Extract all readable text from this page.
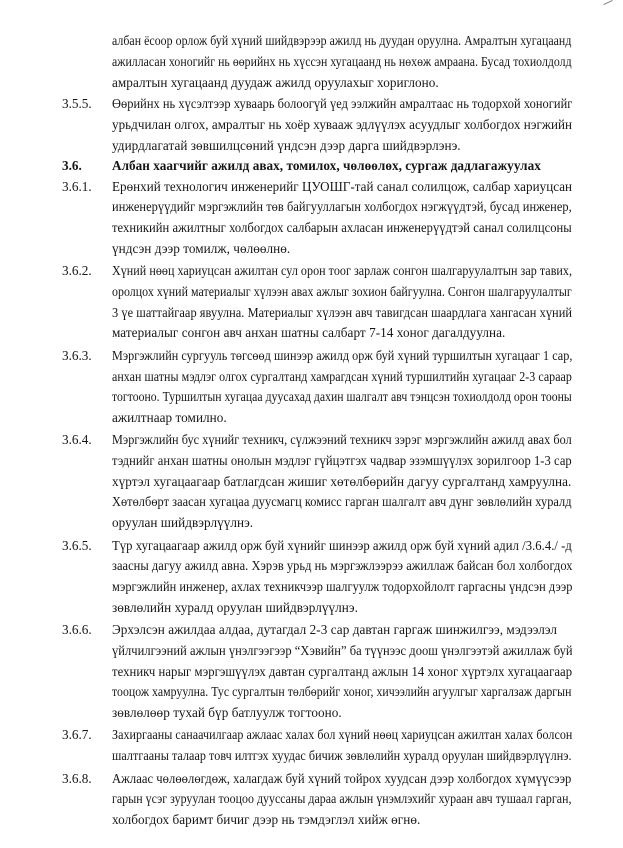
албан ёсоор орлож буй хүний шийдвэрээр ажилд нь дуудан оруулна. Амралтын хугацаанд
ажилласан хоногийг нь өөрийнх нь хүссэн хугацаанд нь нөхөж амраана. Бусад тохиолдолд
амралтын хугацаанд дуудаж ажилд оруулахыг хориглоно.
3.5.5. Өөрийнх нь хүсэлтээр хуваарь болоогүй үед ээлжийн амралтаас нь тодорхой хоногийг
урьдчилан олгох, амралтыг нь хоёр хувааж эдлүүлэх асуудлыг холбогдох нэгжийн
удирдлагатай зөвшилцсөний үндсэн дээр дарга шийдвэрлэнэ.
3.6. Албан хаагчийг ажилд авах, томилох, чөлөөлөх, сургаж дадлагажуулах
3.6.1. Ерөнхий технологич инженерийг ЦУОШГ-тай санал солилцож, салбар хариуцсан
инженерүүдийг мэргэжлийн төв байгууллагын холбогдох нэгжүүдтэй, бусад инженер,
техникийн ажилтныг холбогдох салбарын ахласан инженерүүдтэй санал солилцсоны
үндсэн дээр томилж, чөлөөлнө.
3.6.2. Хүний нөөц хариуцсан ажилтан сул орон тоог зарлаж сонгон шалгаруулалтын зар тавих,
оролцох хүний материалыг хүлээн авах ажлыг зохион байгуулна. Сонгон шалгаруулалтыг
3 үе шаттайгаар явуулна. Материалыг хүлээн авч тавигдсан шаардлага хангасан хүний
материалыг сонгон авч анхан шатны салбарт 7-14 хоног дагалдуулна.
3.6.3. Мэргэжлийн сургууль төгсөөд шинээр ажилд орж буй хүний туршилтын хугацааг 1 сар,
анхан шатны мэдлэг олгох сургалтанд хамрагдсан хүний туршилтийн хугацааг 2-3 сараар
тогтооно. Туршилтын хугацаа дуусахад дахин шалгалт авч тэнцсэн тохиолдолд орон тооны
ажилтнаар томилно.
3.6.4. Мэргэжлийн бус хүнийг техникч, сүлжээний техникч зэрэг мэргэжлийн ажилд авах бол
тэднийг анхан шатны онолын мэдлэг гүйцэтгэх чадвар эзэмшүүлэх зорилгоор 1-3 сар
хүртэл хугацаагаар батлагдсан жишиг хөтөлбөрийн дагуу сургалтанд хамруулна.
Хөтөлбөрт заасан хугацаа дуусмагц комисс гарган шалгалт авч дүнг зөвлөлийн хуралд
оруулан шийдвэрлүүлнэ.
3.6.5. Түр хугацаагаар ажилд орж буй хүнийг шинээр ажилд орж буй хүний адил /3.6.4./ -д
заасны дагуу ажилд авна. Хэрэв урьд нь мэргэжлээрээ ажиллаж байсан бол холбогдох
мэргэжлийн инженер, ахлах техникчээр шалгуулж тодорхойлолт гаргасны үндсэн дээр
зөвлөлийн хуралд оруулан шийдвэрлүүлнэ.
3.6.6. Эрхэлсэн ажилдаа алдаа, дутагдал 2-3 сар давтан гаргаж шинжилгээ, мэдээлэл
үйлчилгээний ажлын үнэлгээгээр “Хэвийн” ба түүнээс доош үнэлгээтэй ажиллаж буй
техникч нарыг мэргэшүүлэх давтан сургалтанд ажлын 14 хоног хүртэлх хугацаагаар
тооцож хамруулна. Тус сургалтын төлбөрийг хоног, хичээлийн агуулгыг харгалзаж даргын
зөвлөлөөр тухай бүр батлуулж тогтооно.
3.6.7. Захиргааны санаачилгаар ажлаас халах бол хүний нөөц хариуцсан ажилтан халах болсон
шалтгааны талаар товч илтгэх хуудас бичиж зөвлөлийн хуралд оруулан шийдвэрлүүлнэ.
3.6.8. Ажлаас чөлөөлөгдөж, халагдаж буй хүний тойрох хуудсан дээр холбогдох хүмүүсээр
гарын үсэг зуруулан тооцоо дуусcаны дараа ажлын үнэмлэхийг хураан авч тушаал гарган,
холбогдох баримт бичиг дээр нь тэмдэглэл хийж өгнө.
